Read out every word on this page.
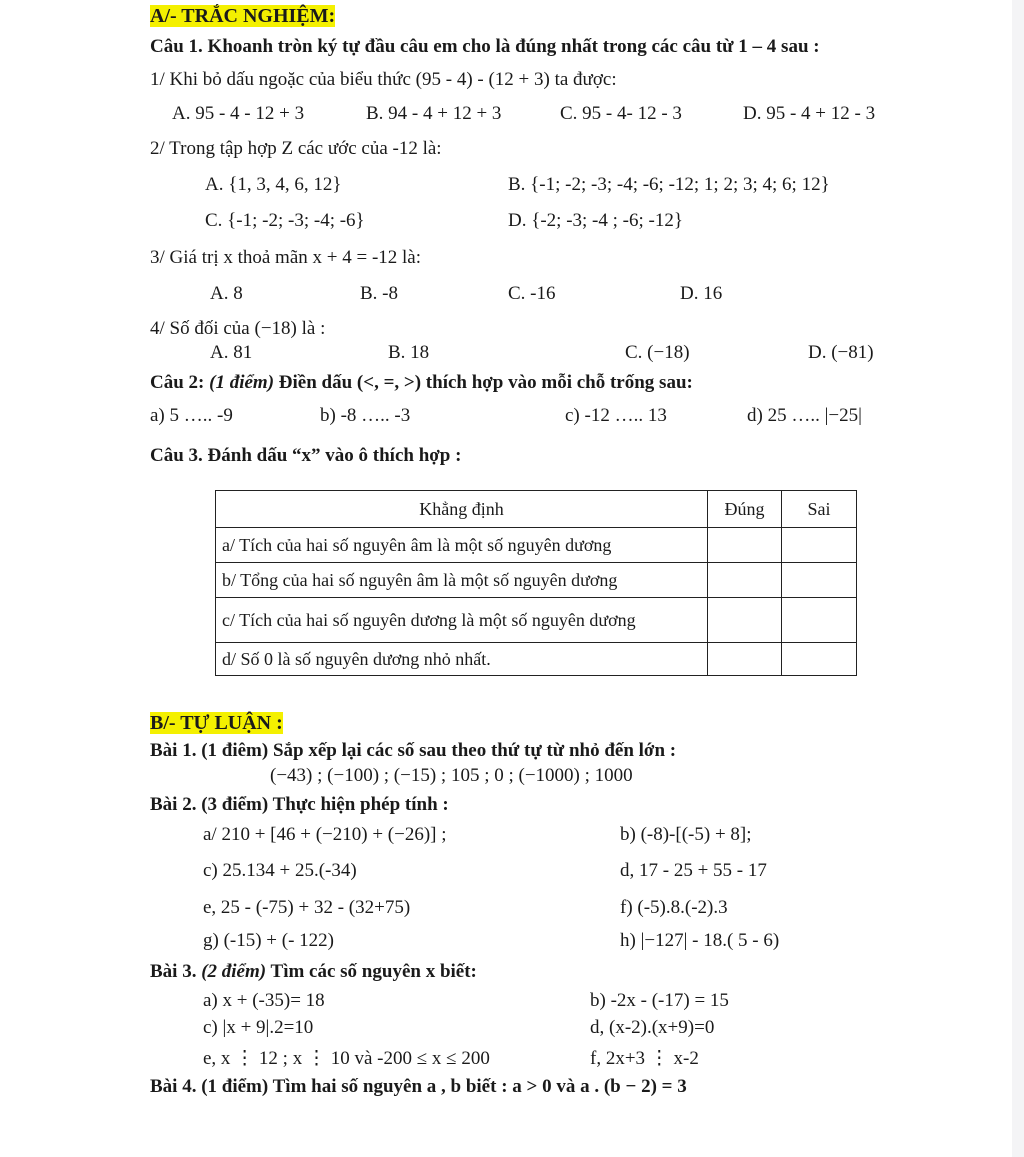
A/- TRẮC NGHIỆM:
Câu 1. Khoanh tròn ký tự đầu câu em cho là đúng nhất trong các câu từ 1 – 4 sau :
1/ Khi bỏ dấu ngoặc của biểu thức (95 - 4) - (12 + 3) ta được:
A. 95 - 4 - 12 + 3	B. 94 - 4 + 12 + 3	C. 95 - 4- 12 - 3	D. 95 - 4 + 12 - 3
2/ Trong tập hợp Z các ước của -12 là:
A. {1, 3, 4, 6, 12}	B. {-1; -2; -3; -4; -6; -12; 1; 2; 3; 4; 6; 12}
C. {-1; -2; -3; -4; -6}	D. {-2; -3; -4 ; -6; -12}
3/ Giá trị x thoả mãn x + 4 = -12 là:
A. 8	B. -8	C. -16	D. 16
4/ Số đối của (−18) là :
A. 81	B. 18	C. (−18)	D. (−81)
Câu 2: (1 điểm) Điền dấu (<, =, >) thích hợp vào mỗi chỗ trống sau:
a) 5 ….. -9	b) -8 ….. -3	c) -12 ….. 13	d) 25 ….. |−25|
Câu 3. Đánh dấu “x” vào ô thích hợp :
Khẳng định	Đúng	Sai
a/ Tích của hai số nguyên âm là một số nguyên dương		
b/ Tổng của hai số nguyên âm là một số nguyên dương		
c/ Tích của hai số nguyên dương là một số nguyên dương		
d/ Số 0 là số nguyên dương nhỏ nhất.		
B/- TỰ LUẬN :
Bài 1. (1 điêm) Sắp xếp lại các số sau theo thứ tự từ nhỏ đến lớn :
(−43) ; (−100) ; (−15) ; 105 ; 0 ; (−1000) ; 1000
Bài 2. (3 điểm) Thực hiện phép tính :
a/ 210 + [46 + (−210) + (−26)] ;	b) (-8)-[(-5) + 8];
c) 25.134 + 25.(-34)	d, 17 - 25 + 55 - 17
e, 25 - (-75) + 32 - (32+75)	f) (-5).8.(-2).3
g) (-15) + (- 122)	h) |−127| - 18.( 5 - 6)
Bài 3. (2 điểm) Tìm các số nguyên x biết:
a) x + (-35)= 18	b) -2x - (-17) = 15
c) |x + 9|.2=10	d, (x-2).(x+9)=0
e, x ⋮ 12 ; x ⋮ 10 và -200 ≤ x ≤ 200	f, 2x+3 ⋮ x-2
Bài 4. (1 điểm) Tìm hai số nguyên a , b biết : a > 0 và a . (b − 2) = 3
